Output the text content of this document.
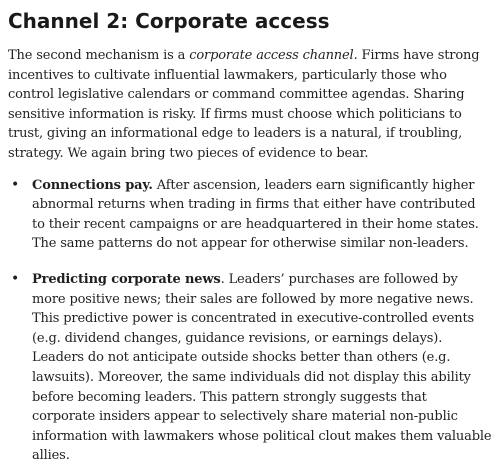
Channel 2: Corporate access

The second mechanism is a corporate access channel. Firms have strong incentives to cultivate influential lawmakers, particularly those who control legislative calendars or command committee agendas. Sharing sensitive information is risky. If firms must choose which politicians to trust, giving an informational edge to leaders is a natural, if troubling, strategy. We again bring two pieces of evidence to bear.

• Connections pay. After ascension, leaders earn significantly higher abnormal returns when trading in firms that either have contributed to their recent campaigns or are headquartered in their home states. The same patterns do not appear for otherwise similar non-leaders.
• Predicting corporate news. Leaders’ purchases are followed by more positive news; their sales are followed by more negative news. This predictive power is concentrated in executive-controlled events (e.g. dividend changes, guidance revisions, or earnings delays). Leaders do not anticipate outside shocks better than others (e.g. lawsuits). Moreover, the same individuals did not display this ability before becoming leaders. This pattern strongly suggests that corporate insiders appear to selectively share material non-public information with lawmakers whose political clout makes them valuable allies.
